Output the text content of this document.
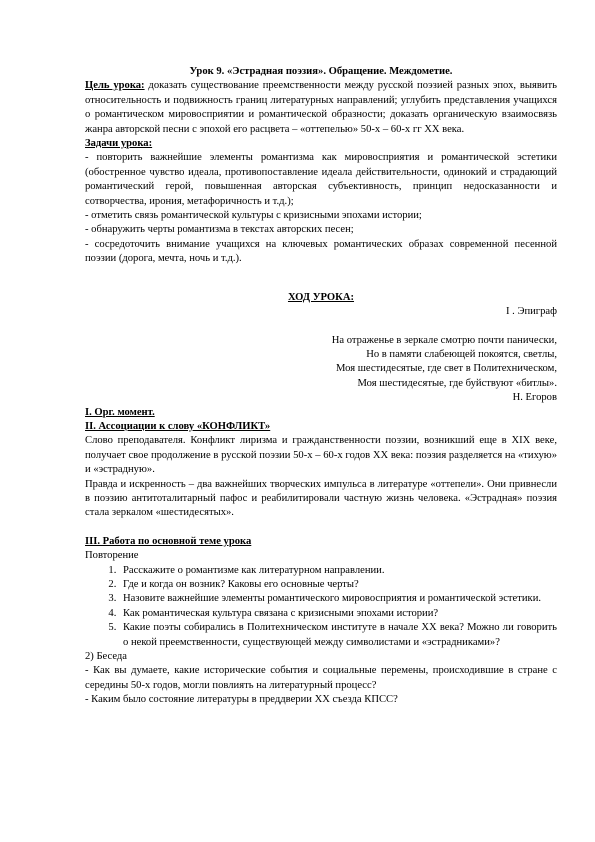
Урок 9. «Эстрадная поэзия». Обращение. Междометие.

Цель урока: доказать существование преемственности между русской поэзией разных эпох, выявить относительность и подвижность границ литературных направлений; углубить представления учащихся о романтическом мировосприятии и романтической образности; доказать органическую взаимосвязь жанра авторской песни с эпохой его расцвета – «оттепелью» 50-х – 60-х гг XX века.

Задачи урока:

- повторить важнейшие элементы романтизма как мировосприятия и романтической эстетики (обостренное чувство идеала, противопоставление идеала действительности, одинокий и страдающий романтический герой, повышенная авторская субъективность, принцип недосказанности и сотворчества, ирония, метафоричность и т.д.);

- отметить связь романтической культуры с кризисными эпохами истории;

- обнаружить черты романтизма в текстах авторских песен;

- сосредоточить внимание учащихся на ключевых романтических образах современной песенной поэзии (дорога, мечта, ночь и т.д.).

ХОД УРОКА:
I . Эпиграф
На отраженье в зеркале смотрю почти панически,
Но в памяти слабеющей покоятся, светлы,
Моя шестидесятые, где свет в Политехническом,
Моя шестидесятые, где буйствуют «битлы».
Н. Егоров

I. Орг. момент.

II. Ассоциации к слову «КОНФЛИКТ»

Слово преподавателя. Конфликт лиризма и гражданственности поэзии, возникший еще в XIX веке, получает свое продолжение в русской поэзии 50-х – 60-х годов XX века: поэзия разделяется на «тихую» и «эстрадную».

Правда и искренность – два важнейших творческих импульса в литературе «оттепели». Они привнесли в поэзию антитоталитарный пафос и реабилитировали частную жизнь человека. «Эстрадная» поэзия стала зеркалом «шестидесятых».

III. Работа по основной теме урока

Повторение

1. Расскажите о романтизме как литературном направлении.
2. Где и когда он возник? Каковы его основные черты?
3. Назовите важнейшие элементы романтического мировосприятия и романтической эстетики.
4. Как романтическая культура связана с кризисными эпохами истории?
5. Какие поэты собирались в Политехническом институте в начале XX века? Можно ли говорить о некой преемственности, существующей между символистами и «эстрадниками»?

2) Беседа

- Как вы думаете, какие исторические события и социальные перемены, происходившие в стране с середины 50-х годов, могли повлиять на литературный процесс?

- Каким было состояние литературы в преддверии XX съезда КПСС?
